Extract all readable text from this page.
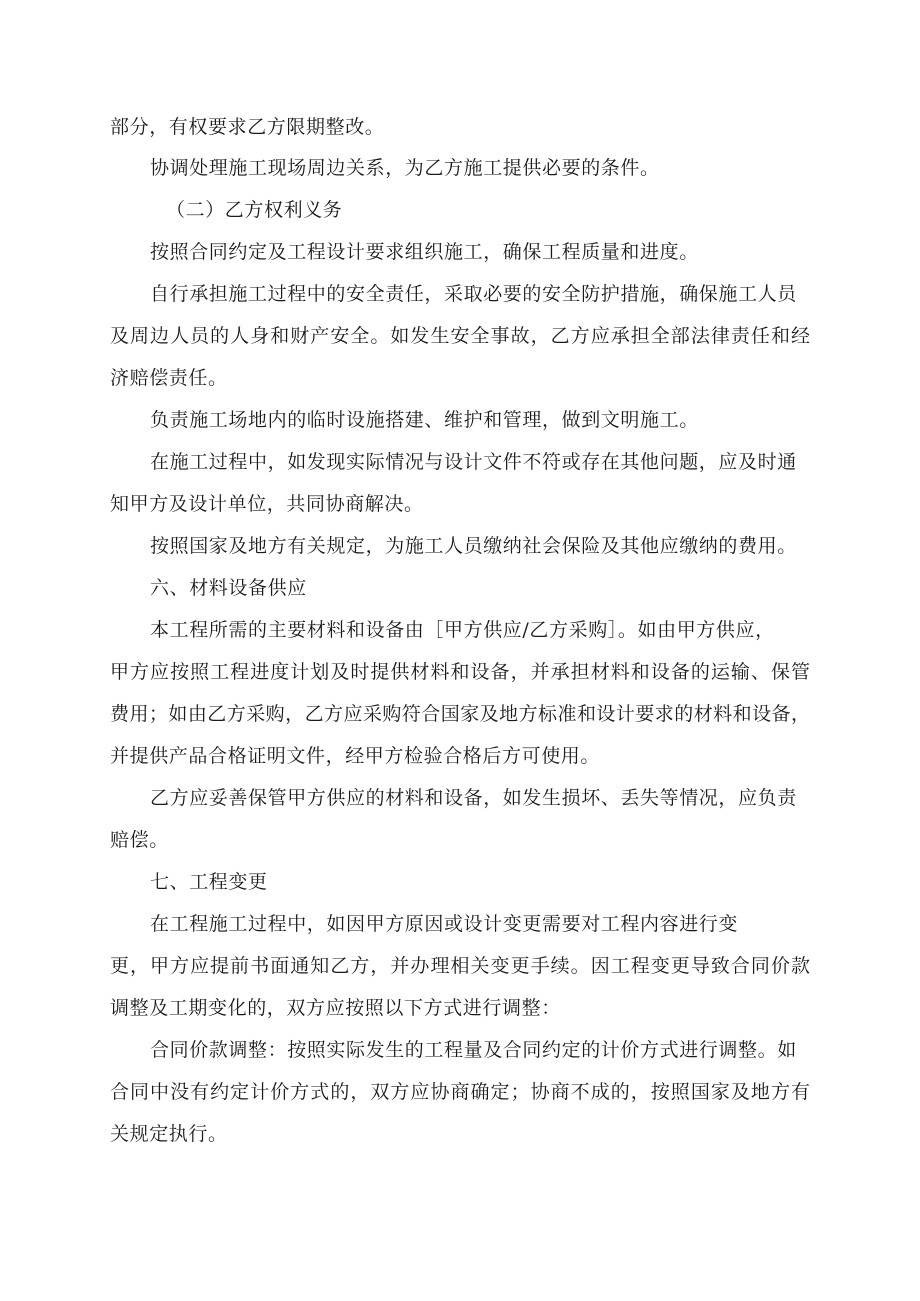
部分，有权要求乙方限期整改。
协调处理施工现场周边关系，为乙方施工提供必要的条件。
（二）乙方权利义务
按照合同约定及工程设计要求组织施工，确保工程质量和进度。
自行承担施工过程中的安全责任，采取必要的安全防护措施，确保施工人员
及周边人员的人身和财产安全。如发生安全事故，乙方应承担全部法律责任和经
济赔偿责任。
负责施工场地内的临时设施搭建、维护和管理，做到文明施工。
在施工过程中，如发现实际情况与设计文件不符或存在其他问题，应及时通
知甲方及设计单位，共同协商解决。
按照国家及地方有关规定，为施工人员缴纳社会保险及其他应缴纳的费用。
六、材料设备供应
本工程所需的主要材料和设备由［甲方供应/乙方采购］。如由甲方供应，
甲方应按照工程进度计划及时提供材料和设备，并承担材料和设备的运输、保管
费用；如由乙方采购，乙方应采购符合国家及地方标准和设计要求的材料和设备，
并提供产品合格证明文件，经甲方检验合格后方可使用。
乙方应妥善保管甲方供应的材料和设备，如发生损坏、丢失等情况，应负责
赔偿。
七、工程变更
在工程施工过程中，如因甲方原因或设计变更需要对工程内容进行变
更，甲方应提前书面通知乙方，并办理相关变更手续。因工程变更导致合同价款
调整及工期变化的，双方应按照以下方式进行调整：
合同价款调整：按照实际发生的工程量及合同约定的计价方式进行调整。如
合同中没有约定计价方式的，双方应协商确定；协商不成的，按照国家及地方有
关规定执行。
